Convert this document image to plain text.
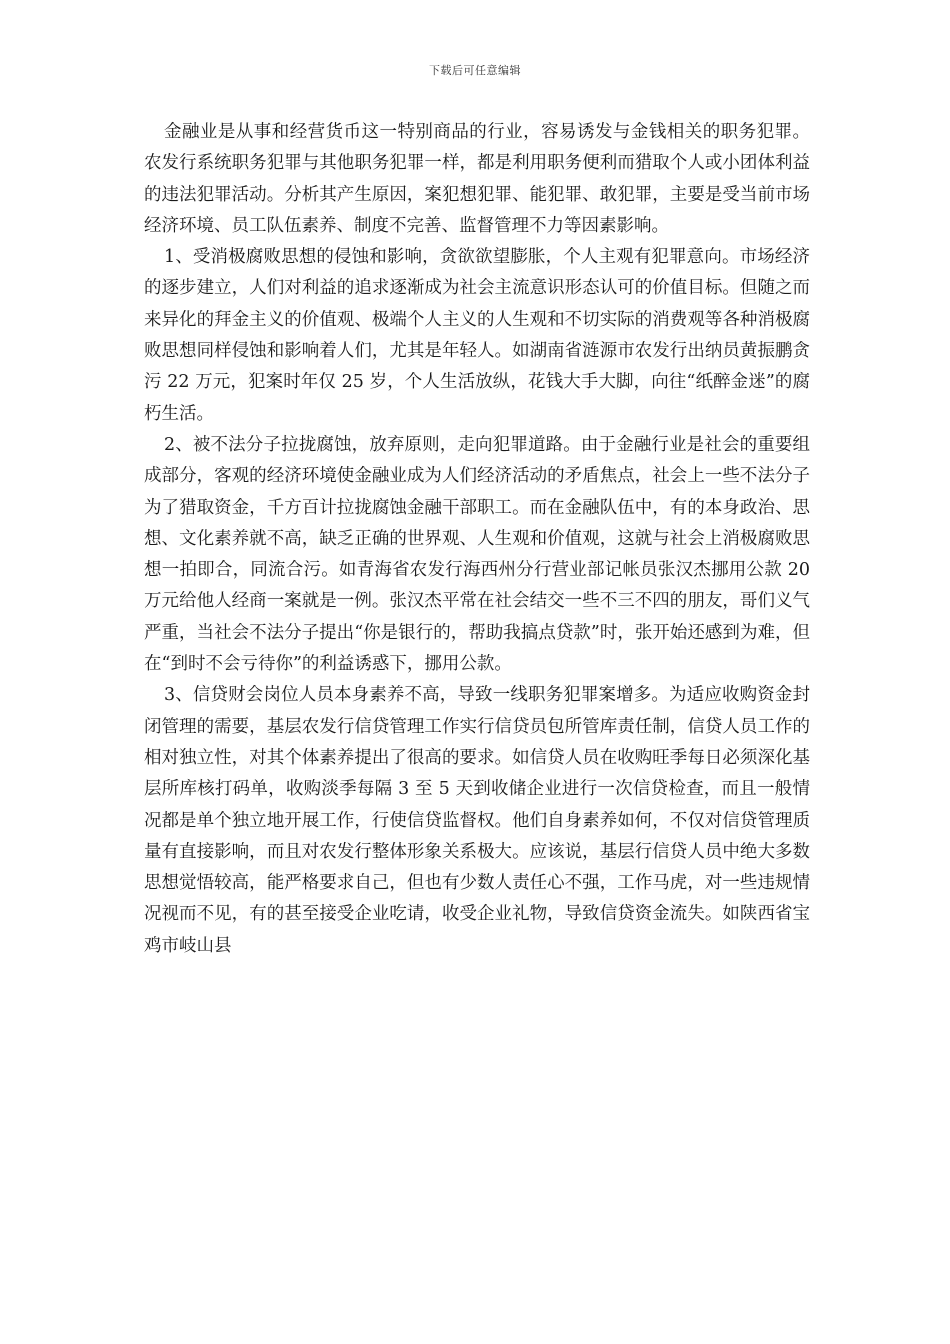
下载后可任意编辑

金融业是从事和经营货币这一特别商品的行业，容易诱发与金钱相关的职务犯罪。农发行系统职务犯罪与其他职务犯罪一样，都是利用职务便利而猎取个人或小团体利益的违法犯罪活动。分析其产生原因，案犯想犯罪、能犯罪、敢犯罪，主要是受当前市场经济环境、员工队伍素养、制度不完善、监督管理不力等因素影响。

1、受消极腐败思想的侵蚀和影响，贪欲欲望膨胀，个人主观有犯罪意向。市场经济的逐步建立，人们对利益的追求逐渐成为社会主流意识形态认可的价值目标。但随之而来异化的拜金主义的价值观、极端个人主义的人生观和不切实际的消费观等各种消极腐败思想同样侵蚀和影响着人们，尤其是年轻人。如湖南省涟源市农发行出纳员黄振鹏贪污 22 万元，犯案时年仅 25 岁，个人生活放纵，花钱大手大脚，向往“纸醉金迷”的腐朽生活。

2、被不法分子拉拢腐蚀，放弃原则，走向犯罪道路。由于金融行业是社会的重要组成部分，客观的经济环境使金融业成为人们经济活动的矛盾焦点，社会上一些不法分子为了猎取资金，千方百计拉拢腐蚀金融干部职工。而在金融队伍中，有的本身政治、思想、文化素养就不高，缺乏正确的世界观、人生观和价值观，这就与社会上消极腐败思想一拍即合，同流合污。如青海省农发行海西州分行营业部记帐员张汉杰挪用公款 20 万元给他人经商一案就是一例。张汉杰平常在社会结交一些不三不四的朋友，哥们义气严重，当社会不法分子提出“你是银行的，帮助我搞点贷款”时，张开始还感到为难，但在“到时不会亏待你”的利益诱惑下，挪用公款。

3、信贷财会岗位人员本身素养不高，导致一线职务犯罪案增多。为适应收购资金封闭管理的需要，基层农发行信贷管理工作实行信贷员包所管库责任制，信贷人员工作的相对独立性，对其个体素养提出了很高的要求。如信贷人员在收购旺季每日必须深化基层所库核打码单，收购淡季每隔 3 至 5 天到收储企业进行一次信贷检查，而且一般情况都是单个独立地开展工作，行使信贷监督权。他们自身素养如何，不仅对信贷管理质量有直接影响，而且对农发行整体形象关系极大。应该说，基层行信贷人员中绝大多数思想觉悟较高，能严格要求自己，但也有少数人责任心不强，工作马虎，对一些违规情况视而不见，有的甚至接受企业吃请，收受企业礼物，导致信贷资金流失。如陕西省宝鸡市岐山县
